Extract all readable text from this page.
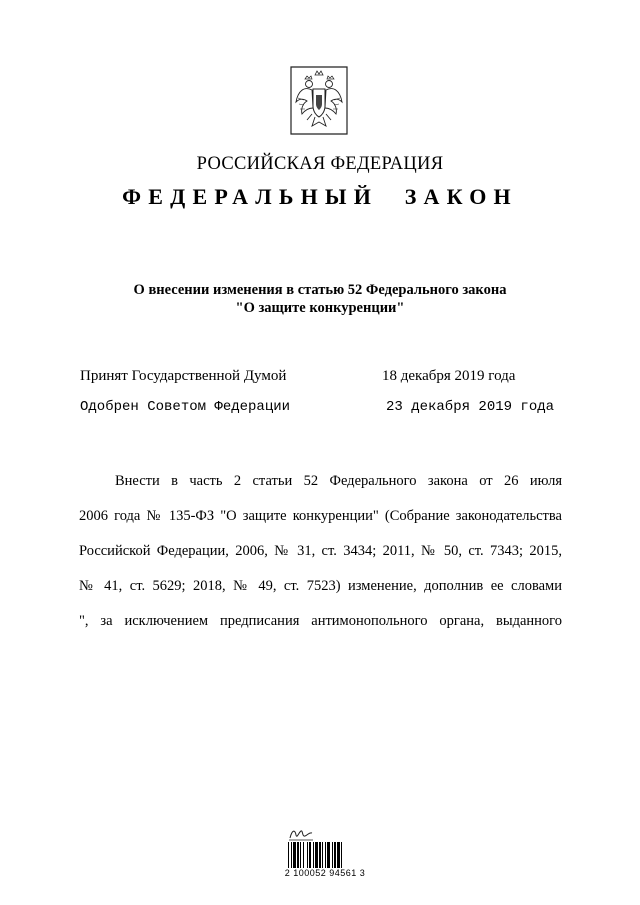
РОССИЙСКАЯ ФЕДЕРАЦИЯ
ФЕДЕРАЛЬНЫЙ ЗАКОН
О внесении изменения в статью 52 Федерального закона
"О защите конкуренции"
Принят Государственной Думой	18 декабря 2019 года
Одобрен Советом Федерации	23 декабря 2019 года
Внести в часть 2 статьи 52 Федерального закона от 26 июля
2006 года № 135-ФЗ "О защите конкуренции" (Собрание законодательства
Российской Федерации, 2006, № 31, ст. 3434; 2011, № 50, ст. 7343; 2015,
№ 41, ст. 5629; 2018, № 49, ст. 7523) изменение, дополнив ее словами
", за исключением предписания антимонопольного органа, выданного
2 100052 94561 3
